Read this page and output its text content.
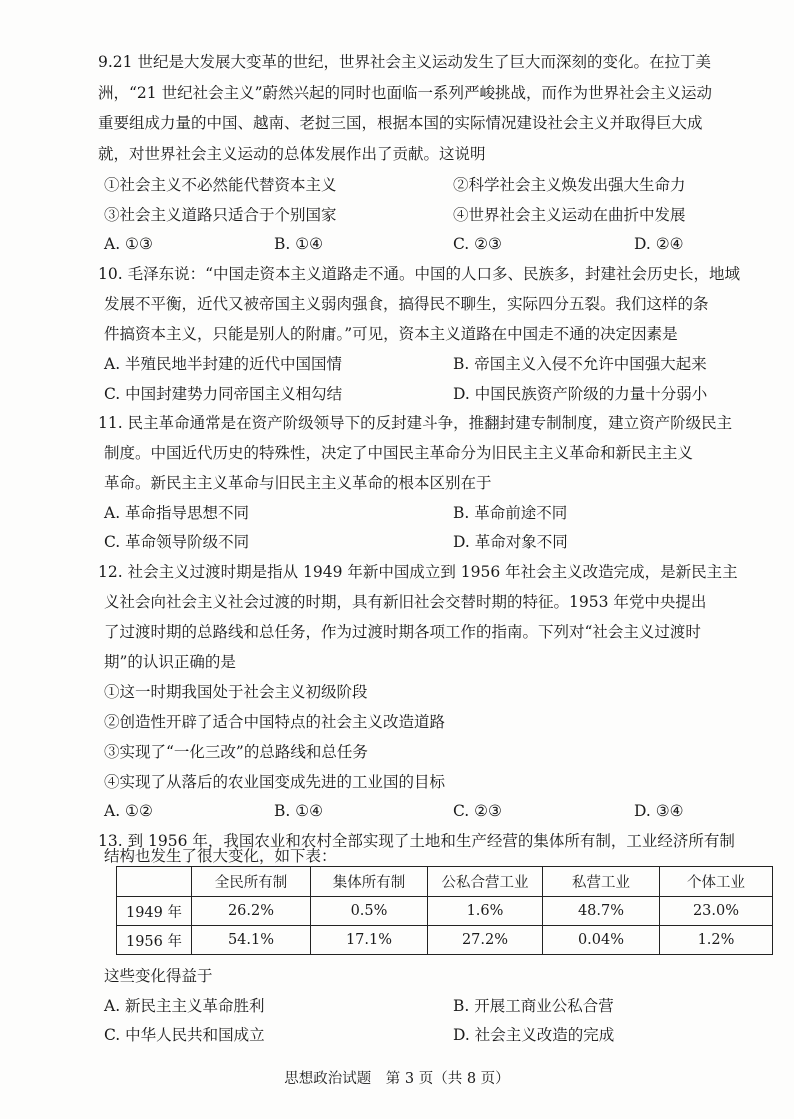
9.21 世纪是大发展大变革的世纪，世界社会主义运动发生了巨大而深刻的变化。在拉丁美
洲，“21 世纪社会主义”蔚然兴起的同时也面临一系列严峻挑战，而作为世界社会主义运动
重要组成力量的中国、越南、老挝三国，根据本国的实际情况建设社会主义并取得巨大成
就，对世界社会主义运动的总体发展作出了贡献。这说明
①社会主义不必然能代替资本主义	②科学社会主义焕发出强大生命力
③社会主义道路只适合于个别国家	④世界社会主义运动在曲折中发展
A. ①③	B. ①④	C. ②③	D. ②④
10. 毛泽东说：“中国走资本主义道路走不通。中国的人口多、民族多，封建社会历史长，地域
发展不平衡，近代又被帝国主义弱肉强食，搞得民不聊生，实际四分五裂。我们这样的条
件搞资本主义，只能是别人的附庸。”可见，资本主义道路在中国走不通的决定因素是
A. 半殖民地半封建的近代中国国情	B. 帝国主义入侵不允许中国强大起来
C. 中国封建势力同帝国主义相勾结	D. 中国民族资产阶级的力量十分弱小
11. 民主革命通常是在资产阶级领导下的反封建斗争，推翻封建专制制度，建立资产阶级民主
制度。中国近代历史的特殊性，决定了中国民主革命分为旧民主主义革命和新民主主义
革命。新民主主义革命与旧民主主义革命的根本区别在于
A. 革命指导思想不同	B. 革命前途不同
C. 革命领导阶级不同	D. 革命对象不同
12. 社会主义过渡时期是指从 1949 年新中国成立到 1956 年社会主义改造完成，是新民主主
义社会向社会主义社会过渡的时期，具有新旧社会交替时期的特征。1953 年党中央提出
了过渡时期的总路线和总任务，作为过渡时期各项工作的指南。下列对“社会主义过渡时
期”的认识正确的是
①这一时期我国处于社会主义初级阶段
②创造性开辟了适合中国特点的社会主义改造道路
③实现了“一化三改”的总路线和总任务
④实现了从落后的农业国变成先进的工业国的目标
A. ①②	B. ①④	C. ②③	D. ③④
13. 到 1956 年，我国农业和农村全部实现了土地和生产经营的集体所有制，工业经济所有制
	全民所有制	集体所有制	公私合营工业	私营工业	个体工业
1949 年	26.2%	0.5%	1.6%	48.7%	23.0%
1956 年	54.1%	17.1%	27.2%	0.04%	1.2%
这些变化得益于
A. 新民主主义革命胜利	B. 开展工商业公私合营
C. 中华人民共和国成立	D. 社会主义改造的完成
思想政治试题　第 3 页（共 8 页）
结构也发生了很大变化，如下表：
